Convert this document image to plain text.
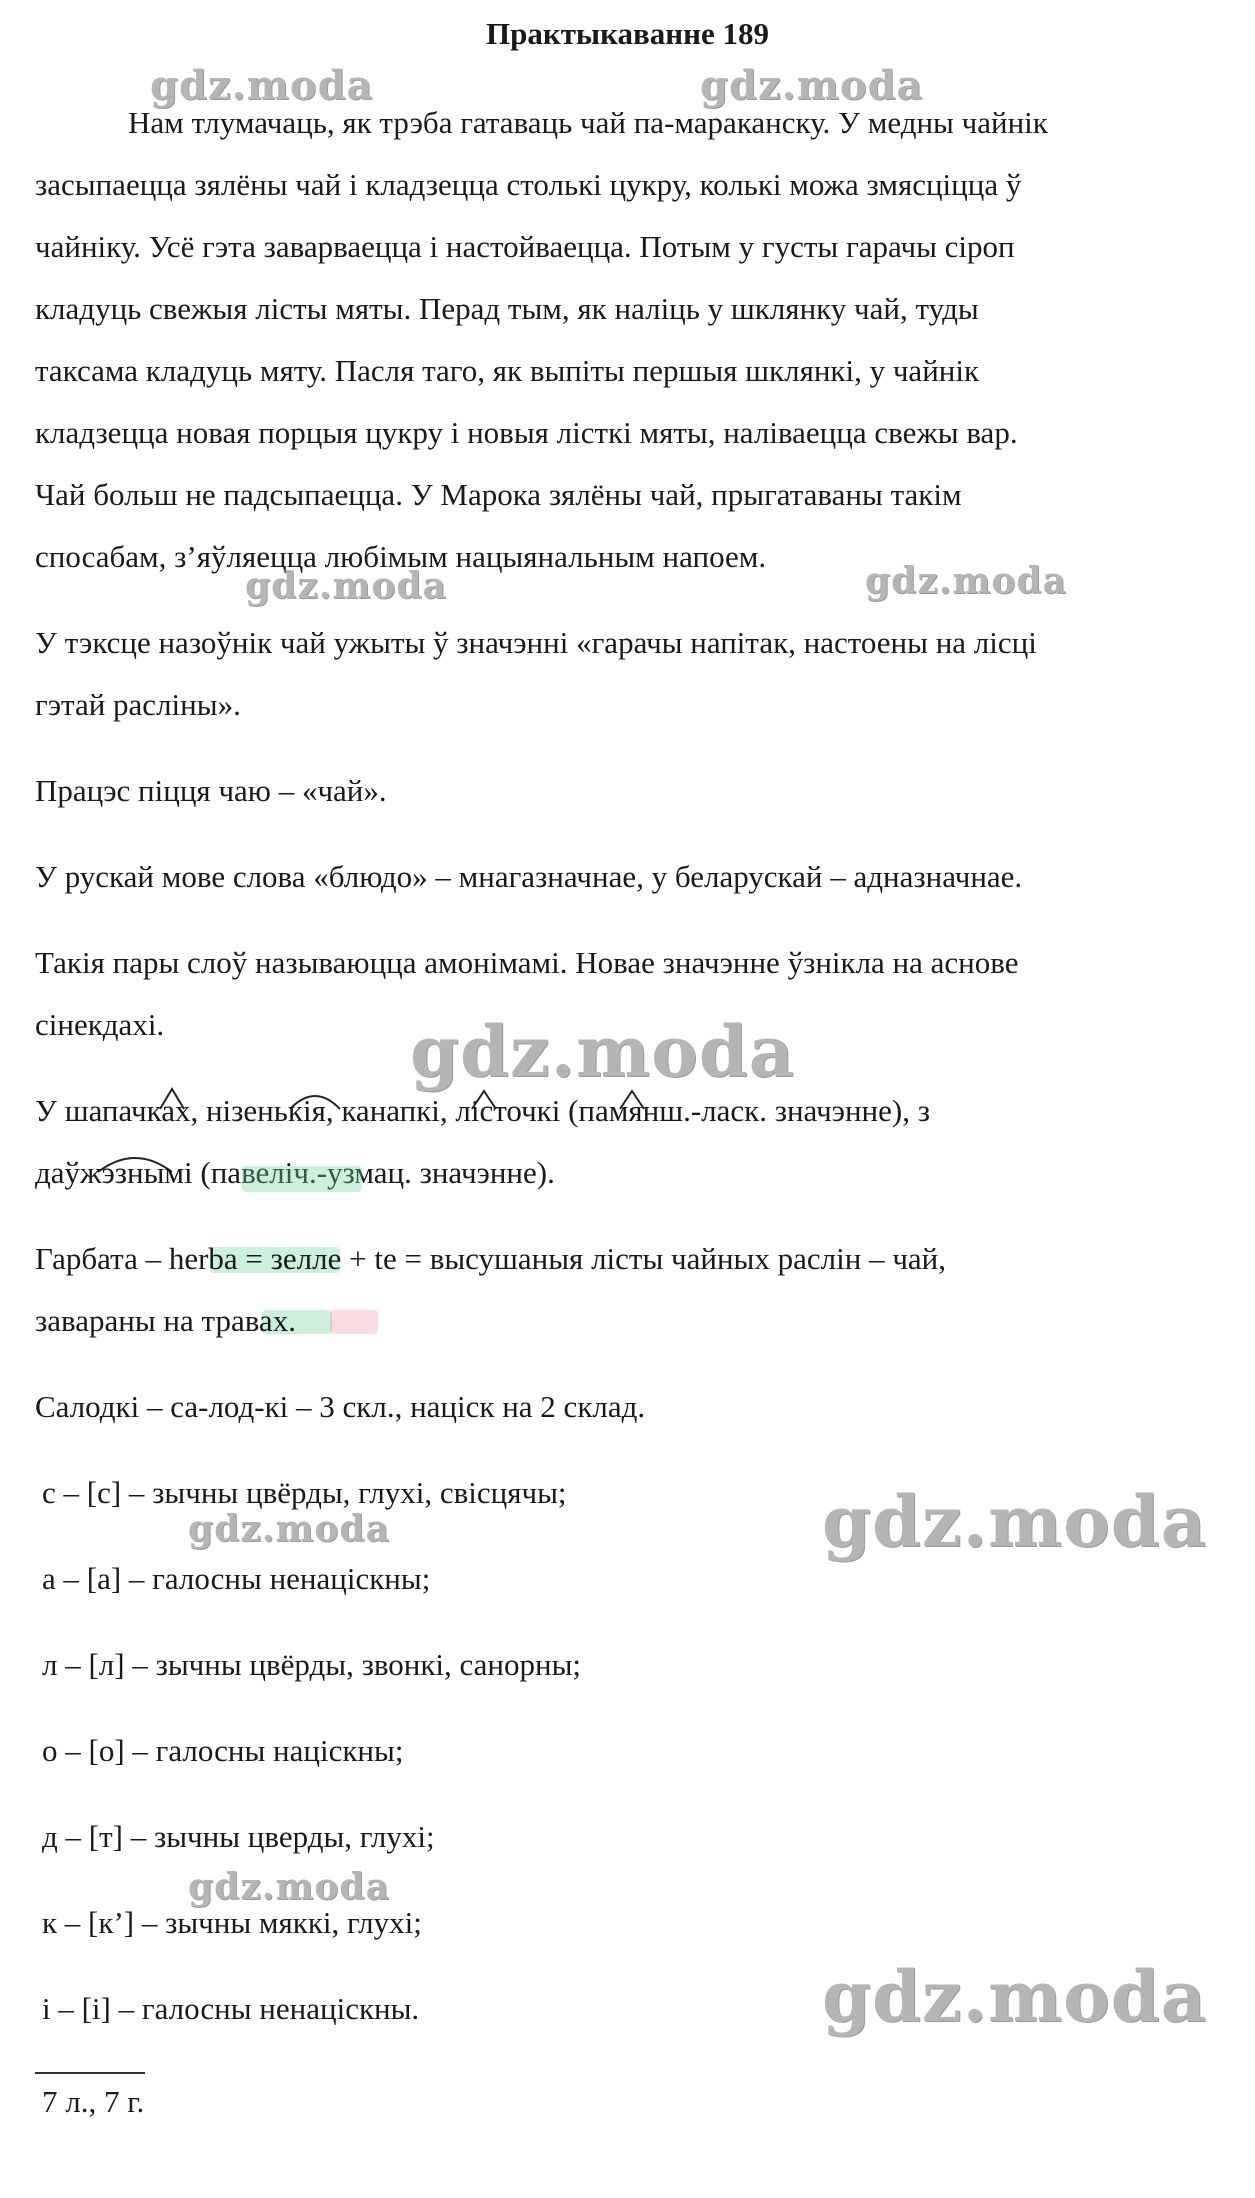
Практыкаванне 189
Нам тлумачаць, як трэба гатаваць чай па-мараканску. У медны чайнік
засыпаецца зялёны чай і кладзецца столькі цукру, колькі можа змясціцца ў
чайніку. Усё гэта заварваецца і настойваецца. Потым у густы гарачы сіроп
кладуць свежыя лісты мяты. Перад тым, як наліць у шклянку чай, туды
таксама кладуць мяту. Пасля таго, як выпіты першыя шклянкі, у чайнік
кладзецца новая порцыя цукру і новыя лісткі мяты, наліваецца свежы вар.
Чай больш не падсыпаецца. У Марока зялёны чай, прыгатаваны такім
спосабам, з’яўляецца любімым нацыянальным напоем.
У тэксце назоўнік чай ужыты ў значэнні «гарачы напітак, настоены на лісці
гэтай расліны».
Працэс піцця чаю – «чай».
У рускай мове слова «блюдо» – мнагазначнае, у беларускай – адназначнае.
Такія пары слоў называюцца амонімамі. Новае значэнне ўзнікла на аснове
сінекдахі.
У шапачках, нізенькія, канапкі, лісточкі (памянш.-ласк. значэнне), з
даўжэзнымі (павеліч.-узмац. значэнне).
Гарбата – herba = зелле + te = высушаныя лісты чайных раслін – чай,
завараны на травах.
Салодкі – са-лод-кі – 3 скл., націск на 2 склад.
с – [с] – зычны цвёрды, глухі, свісцячы;
а – [а] – галосны ненаціскны;
л – [л] – зычны цвёрды, звонкі, санорны;
о – [о] – галосны націскны;
д – [т] – зычны цверды, глухі;
к – [к’] – зычны мяккі, глухі;
і – [і] – галосны ненаціскны.
7 л., 7 г.
gdz.moda	gdz.moda
gdz.moda	gdz.moda
gdz.moda
gdz.moda	gdz.moda
gdz.moda
gdz.moda
